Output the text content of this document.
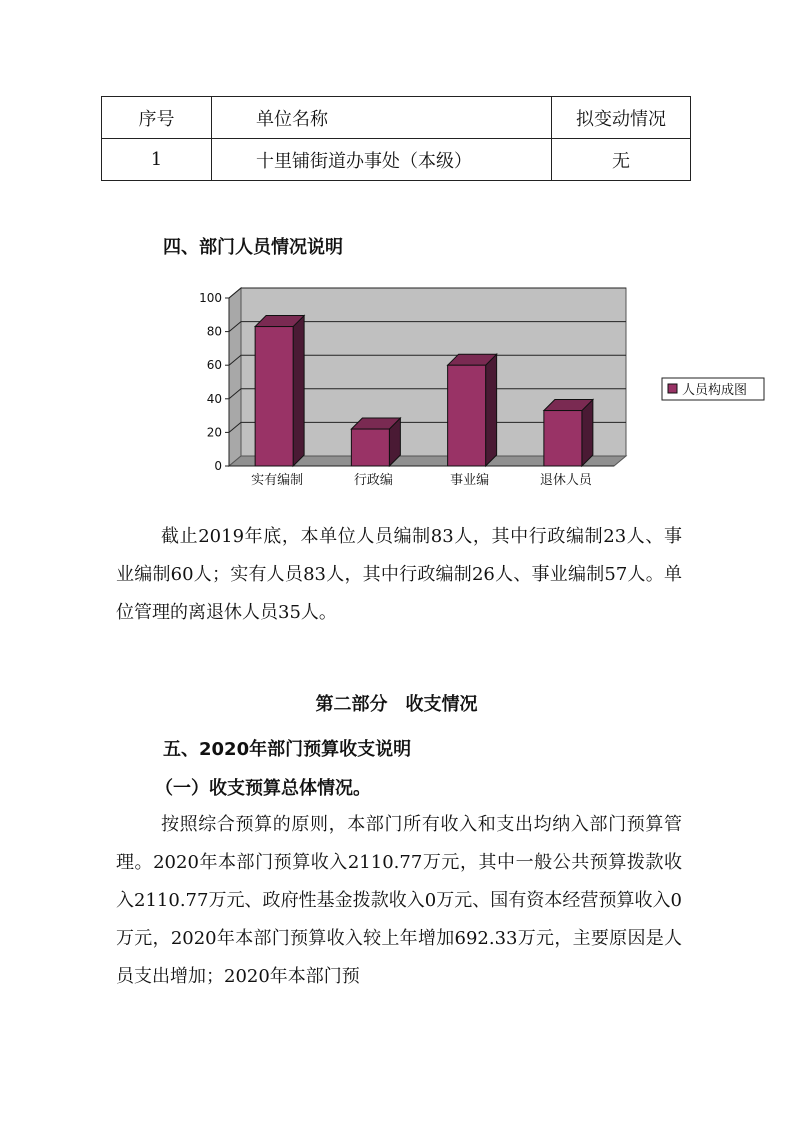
序号	单位名称	拟变动情况
1	十里铺街道办事处（本级）	无
四、部门人员情况说明
0
20
40
60
80
100
实有编制	行政编	事业编	退休人员
人员构成图

截止2019年底，本单位人员编制83人，其中行政编制23人、事业编制60人；实有人员83人，其中行政编制26人、事业编制57人。单位管理的离退休人员35人。

第二部分　收支情况
五、2020年部门预算收支说明
（一）收支预算总体情况。

按照综合预算的原则，本部门所有收入和支出均纳入部门预算管理。2020年本部门预算收入2110.77万元，其中一般公共预算拨款收入2110.77万元、政府性基金拨款收入0万元、国有资本经营预算收入0万元，2020年本部门预算收入较上年增加692.33万元，主要原因是人员支出增加；2020年本部门预
